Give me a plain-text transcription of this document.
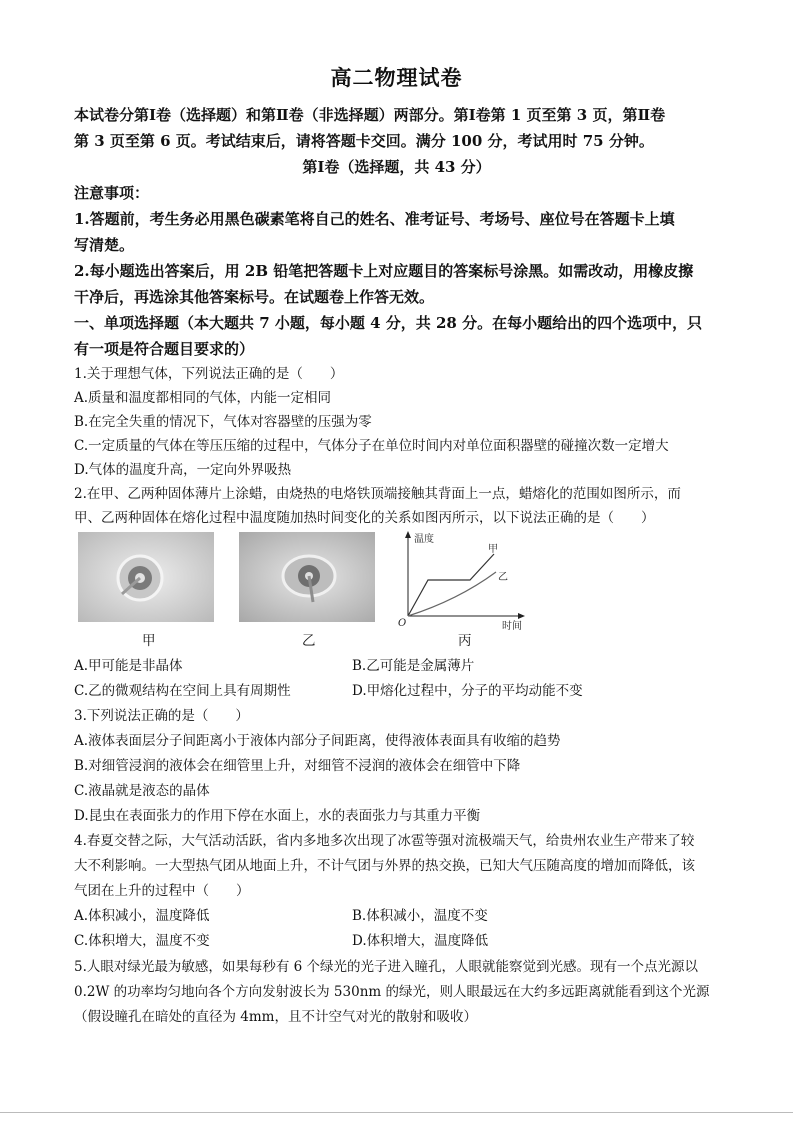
高二物理试卷
本试卷分第Ⅰ卷（选择题）和第Ⅱ卷（非选择题）两部分。第Ⅰ卷第 1 页至第 3 页，第Ⅱ卷
第 3 页至第 6 页。考试结束后，请将答题卡交回。满分 100 分，考试用时 75 分钟。
第Ⅰ卷（选择题，共 43 分）
注意事项：
1.答题前，考生务必用黑色碳素笔将自己的姓名、准考证号、考场号、座位号在答题卡上填
写清楚。
2.每小题选出答案后，用 2B 铅笔把答题卡上对应题目的答案标号涂黑。如需改动，用橡皮擦
干净后，再选涂其他答案标号。在试题卷上作答无效。
一、单项选择题（本大题共 7 小题，每小题 4 分，共 28 分。在每小题给出的四个选项中，只
有一项是符合题目要求的）
1.关于理想气体，下列说法正确的是（　　）
A.质量和温度都相同的气体，内能一定相同
B.在完全失重的情况下，气体对容器壁的压强为零
C.一定质量的气体在等压压缩的过程中，气体分子在单位时间内对单位面积器壁的碰撞次数一定增大
D.气体的温度升高，一定向外界吸热
2.在甲、乙两种固体薄片上涂蜡，由烧热的电烙铁顶端接触其背面上一点，蜡熔化的范围如图所示，而
甲、乙两种固体在熔化过程中温度随加热时间变化的关系如图丙所示，以下说法正确的是（　　）
温度
时间
O
甲
乙
甲	乙	丙
A.甲可能是非晶体	B.乙可能是金属薄片
C.乙的微观结构在空间上具有周期性	D.甲熔化过程中，分子的平均动能不变
3.下列说法正确的是（　　）
A.液体表面层分子间距离小于液体内部分子间距离，使得液体表面具有收缩的趋势
B.对细管浸润的液体会在细管里上升，对细管不浸润的液体会在细管中下降
C.液晶就是液态的晶体
D.昆虫在表面张力的作用下停在水面上，水的表面张力与其重力平衡
4.春夏交替之际，大气活动活跃，省内多地多次出现了冰雹等强对流极端天气，给贵州农业生产带来了较
大不利影响。一大型热气团从地面上升，不计气团与外界的热交换，已知大气压随高度的增加而降低，该
气团在上升的过程中（　　）
A.体积减小，温度降低	B.体积减小，温度不变
C.体积增大，温度不变	D.体积增大，温度降低
5.人眼对绿光最为敏感，如果每秒有 6 个绿光的光子进入瞳孔，人眼就能察觉到光感。现有一个点光源以
0.2W 的功率均匀地向各个方向发射波长为 530nm 的绿光，则人眼最远在大约多远距离就能看到这个光源
（假设瞳孔在暗处的直径为 4mm，且不计空气对光的散射和吸收）
